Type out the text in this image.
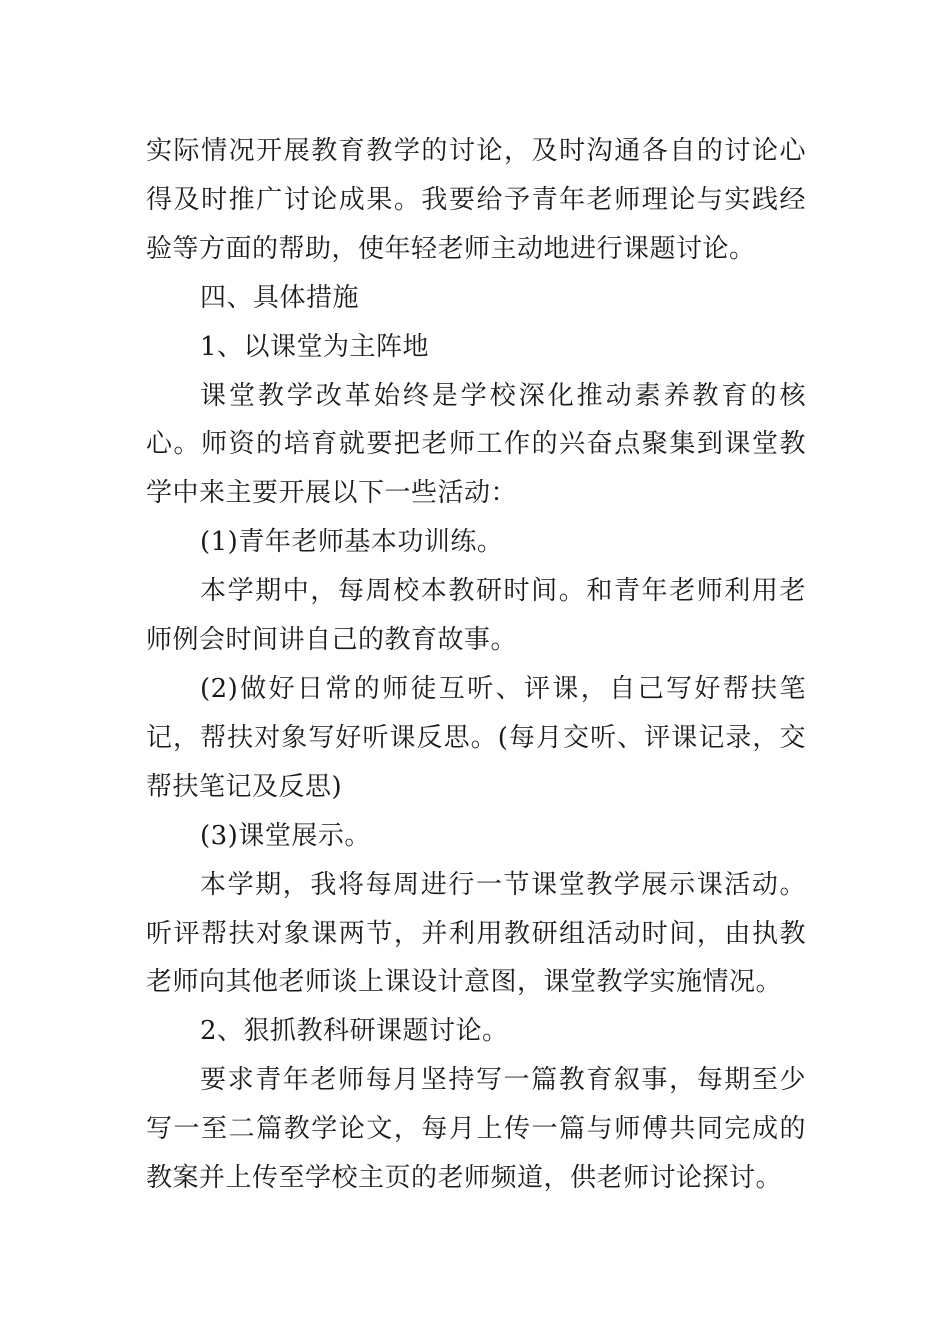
实际情况开展教育教学的讨论，及时沟通各自的讨论心得及时推广讨论成果。我要给予青年老师理论与实践经验等方面的帮助，使年轻老师主动地进行课题讨论。

四、具体措施

1、以课堂为主阵地

课堂教学改革始终是学校深化推动素养教育的核心。师资的培育就要把老师工作的兴奋点聚集到课堂教学中来主要开展以下一些活动：

(1)青年老师基本功训练。

本学期中，每周校本教研时间。和青年老师利用老师例会时间讲自己的教育故事。

(2)做好日常的师徒互听、评课，自己写好帮扶笔记，帮扶对象写好听课反思。(每月交听、评课记录，交帮扶笔记及反思)

(3)课堂展示。

本学期，我将每周进行一节课堂教学展示课活动。听评帮扶对象课两节，并利用教研组活动时间，由执教老师向其他老师谈上课设计意图，课堂教学实施情况。

2、狠抓教科研课题讨论。

要求青年老师每月坚持写一篇教育叙事，每期至少写一至二篇教学论文，每月上传一篇与师傅共同完成的教案并上传至学校主页的老师频道，供老师讨论探讨。
